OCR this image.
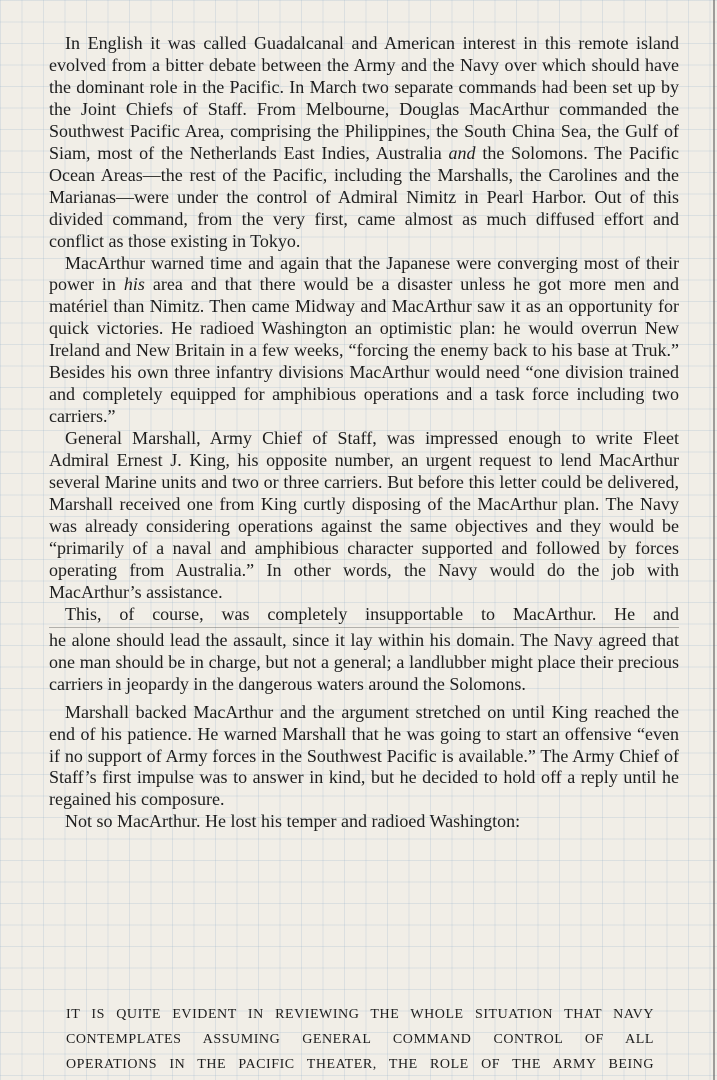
In English it was called Guadalcanal and American interest in this remote island evolved from a bitter debate between the Army and the Navy over which should have the dominant role in the Pacific. In March two separate commands had been set up by the Joint Chiefs of Staff. From Melbourne, Douglas MacArthur commanded the Southwest Pacific Area, comprising the Philippines, the South China Sea, the Gulf of Siam, most of the Netherlands East Indies, Australia and the Solomons. The Pacific Ocean Areas—the rest of the Pacific, including the Marshalls, the Carolines and the Marianas—were under the control of Admiral Nimitz in Pearl Harbor. Out of this divided command, from the very first, came almost as much diffused effort and conflict as those existing in Tokyo.

MacArthur warned time and again that the Japanese were converging most of their power in his area and that there would be a disaster unless he got more men and matériel than Nimitz. Then came Midway and MacArthur saw it as an opportunity for quick victories. He radioed Washington an optimistic plan: he would overrun New Ireland and New Britain in a few weeks, “forcing the enemy back to his base at Truk.” Besides his own three infantry divisions MacArthur would need “one division trained and completely equipped for amphibious operations and a task force including two carriers.”

General Marshall, Army Chief of Staff, was impressed enough to write Fleet Admiral Ernest J. King, his opposite number, an urgent request to lend MacArthur several Marine units and two or three carriers. But before this letter could be delivered, Marshall received one from King curtly disposing of the MacArthur plan. The Navy was already considering operations against the same objectives and they would be “primarily of a naval and amphibious character supported and followed by forces operating from Australia.” In other words, the Navy would do the job with MacArthur’s assistance.

This, of course, was completely insupportable to MacArthur. He and

he alone should lead the assault, since it lay within his domain. The Navy agreed that one man should be in charge, but not a general; a landlubber might place their precious carriers in jeopardy in the dangerous waters around the Solomons.

Marshall backed MacArthur and the argument stretched on until King reached the end of his patience. He warned Marshall that he was going to start an offensive “even if no support of Army forces in the Southwest Pacific is available.” The Army Chief of Staff’s first impulse was to answer in kind, but he decided to hold off a reply until he regained his composure.

Not so MacArthur. He lost his temper and radioed Washington:

IT IS QUITE EVIDENT IN REVIEWING THE WHOLE SITUATION THAT NAVY
CONTEMPLATES ASSUMING GENERAL COMMAND CONTROL OF ALL
OPERATIONS IN THE PACIFIC THEATER, THE ROLE OF THE ARMY BEING
